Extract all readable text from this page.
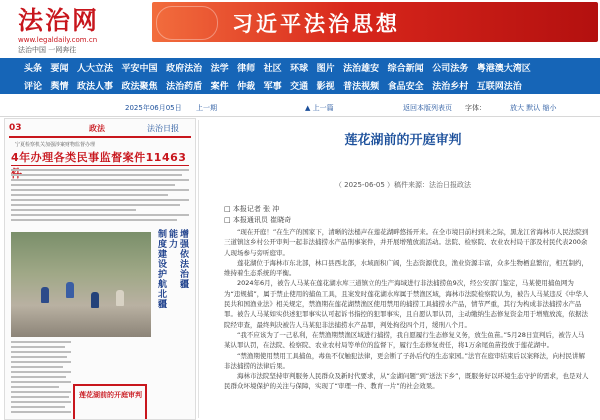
法治网
www.legaldaily.com.cn
法治中国 一网奔往
习近平法治思想
头条 要闻 人大立法 平安中国 政府法治 法学 律师 社区 环球 图片 法治雄安 综合新闻 公司法务 粤港澳大湾区
评论 舆情 政法人事 政法聚焦 法治药盾 案件 仲裁 军事 交通 影视 普法视频 食品安全 法治乡村 互联网法治
2025年06月05日 上一期	▲ 上一篇	返回本版列表页 字体：	放大 默认 缩小
03	政法	法治日报
宁夏检察机关加强涉案财物监督办理
4年办理各类民事监督案件11463
增强依法治疆
能力
制度建设护航北疆
莲花湖前的开庭审判
莲花湖前的开庭审判
（ 2025-06-05 ）稿件来源：法治日报政法
□ 本报记者 张 冲
□ 本报通讯员 崔晓奇

“现在开庭！”在生产的国家下，清晰的法槌声在莲花湖畔悠扬开来。在全市境目前村到来之际，黑龙江省海林市人民法院到三道镇这乡村公开审判一起非法捕捞水产品刑事案件，并开展增殖放流活动。法院、检察院、农业农村局干部及村民代表200余人现场参与旁听庭审。

莲花湖位于海林市东北部，林口县西北部，水域面积广阔，生态资源优良，渔业资源丰富，众多生物栖息繁衍，相互制约，维持着生态系统的平衡。

2024年6月，被告人马某在莲花湖水库三道镇立的生产海域进行非法捕捞鱼9次，经公安部门鉴定，马某使用捕鱼网为为“违规捕”，属于禁止使用的捕鱼工具，且案发时莲花湖水库属于禁渔区域，海林市法院检察院认为，被告人马某违反《中华人民共和国渔业法》相关规定，禁渔期在莲花湖禁渔区使用禁用的捕捞工具捕捞水产品，情节严重，其行为构成非法捕捞水产品罪。被告人马某如实供述犯罪事实认可起诉书指控的犯罪事实，且自愿认罪认罚，主动缴纳生态修复资金用于增殖放流，依据法院经审查，最终判决被告人马某犯非法捕捞水产品罪，判处拘役四个月，缓刑八个月。

“我不应该为了一己私利，在禁渔期禁渔区域进行捕捞，我自愿履行生态修复义务，放生鱼苗。”5月28日宣判后，被告人马某认罪认罚，在法院、检察院、农业农村局等单位的监督下，履行生态修复责任，将1万余尾鱼苗投放于莲花湖中。

“禁渔期使用禁用工具捕鱼，毒鱼不仅触犯法律，更会断了子孙后代的生态家园。”法官在庭审结束后以案释法，向村民讲解非法捕捞的法律后果。

海林市法院坚持审判服务人民群众及新时代要求，从“金湖问题”到“送法下乡”，既服务好以环境生态守护的需求，也是对人民群众坏境保护的关注与保障，实现了“审理一件、教育一片”的社会效果。
